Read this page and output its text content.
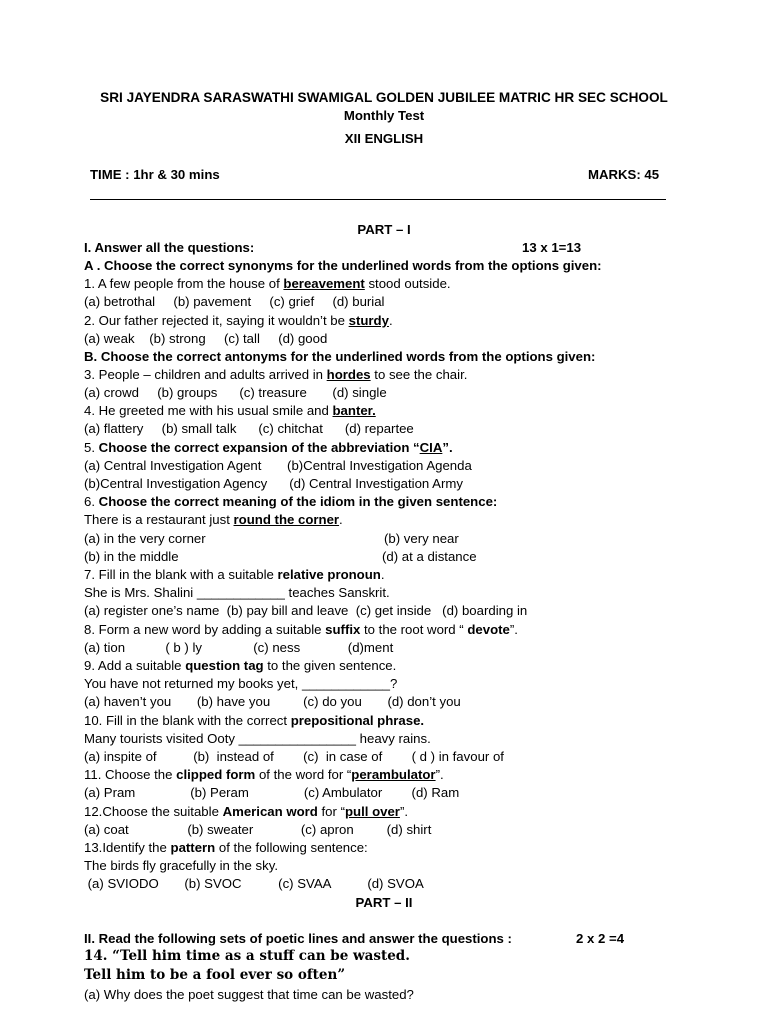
SRI JAYENDRA SARASWATHI SWAMIGAL GOLDEN JUBILEE MATRIC HR SEC SCHOOL
Monthly Test
XII ENGLISH
TIME : 1hr & 30 mins	MARKS: 45
PART – I
I. Answer all the questions:	13 x 1=13
A . Choose the correct synonyms for the underlined words from the options given:
1. A few people from the house of bereavement stood outside.
(a) betrothal     (b) pavement     (c) grief     (d) burial
2. Our father rejected it, saying it wouldn’t be sturdy.
(a) weak    (b) strong     (c) tall     (d) good
B. Choose the correct antonyms for the underlined words from the options given:
3. People – children and adults arrived in hordes to see the chair.
(a) crowd     (b) groups      (c) treasure       (d) single
4. He greeted me with his usual smile and banter.
(a) flattery     (b) small talk      (c) chitchat      (d) repartee
5. Choose the correct expansion of the abbreviation “CIA”.
(a) Central Investigation Agent       (b)Central Investigation Agenda
(b)Central Investigation Agency      (d) Central Investigation Army
6. Choose the correct meaning of the idiom in the given sentence:
There is a restaurant just round the corner.
(a) in the very corner	(b) very near
(b) in the middle	(d) at a distance
7. Fill in the blank with a suitable relative pronoun.
She is Mrs. Shalini ____________ teaches Sanskrit.
(a) register one’s name  (b) pay bill and leave  (c) get inside   (d) boarding in
8. Form a new word by adding a suitable suffix to the root word “ devote”.
(a) tion           ( b ) ly              (c) ness             (d)ment
9. Add a suitable question tag to the given sentence.
You have not returned my books yet, ____________?
(a) haven’t you       (b) have you         (c) do you       (d) don’t you
10. Fill in the blank with the correct prepositional phrase.
Many tourists visited Ooty ________________ heavy rains.
(a) inspite of          (b)  instead of        (c)  in case of        ( d ) in favour of
11. Choose the clipped form of the word for “perambulator”.
(a) Pram               (b) Peram               (c) Ambulator        (d) Ram
12.Choose the suitable American word for “pull over”.
(a) coat                (b) sweater             (c) apron         (d) shirt
13.Identify the pattern of the following sentence:
The birds fly gracefully in the sky.
(a) SVIODO       (b) SVOC          (c) SVAA          (d) SVOA
PART – II
II. Read the following sets of poetic lines and answer the questions :	2 x 2 =4
14. “Tell him time as a stuff can be wasted.
Tell him to be a fool ever so often”
(a) Why does the poet suggest that time can be wasted?
